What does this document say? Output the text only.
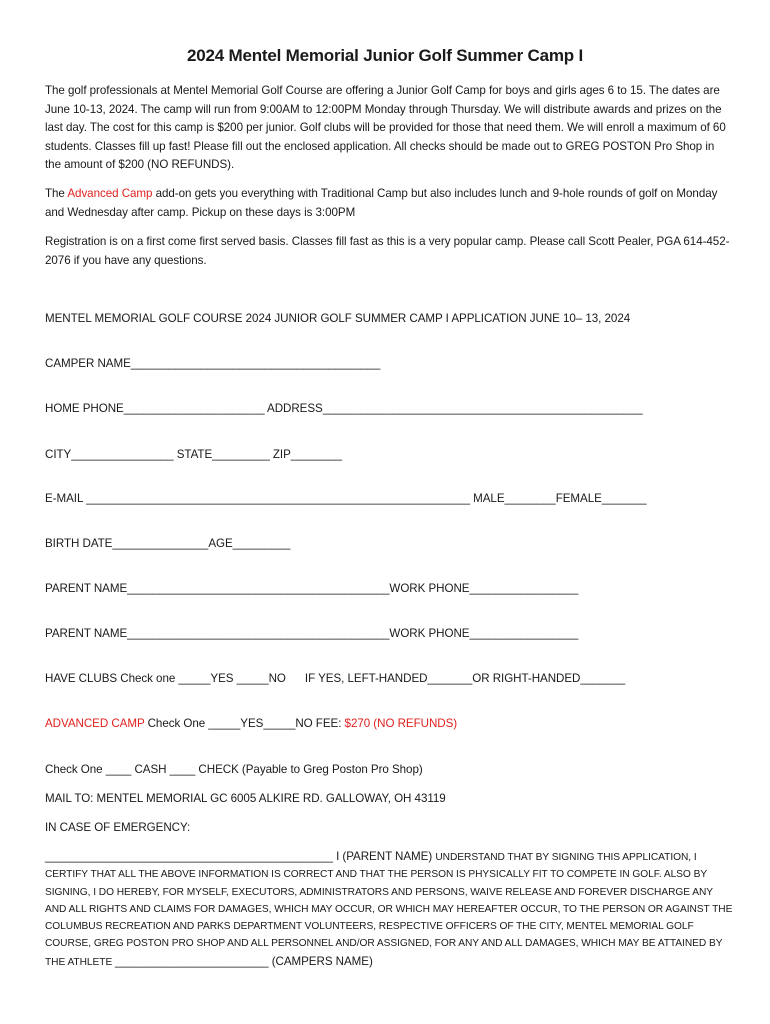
2024 Mentel Memorial Junior Golf Summer Camp I
The golf professionals at Mentel Memorial Golf Course are offering a Junior Golf Camp for boys and girls ages 6 to 15. The dates are June 10-13, 2024. The camp will run from 9:00AM to 12:00PM Monday through Thursday. We will distribute awards and prizes on the last day. The cost for this camp is $200 per junior. Golf clubs will be provided for those that need them. We will enroll a maximum of 60 students. Classes fill up fast! Please fill out the enclosed application. All checks should be made out to GREG POSTON Pro Shop in the amount of $200 (NO REFUNDS).
The Advanced Camp add-on gets you everything with Traditional Camp but also includes lunch and 9-hole rounds of golf on Monday and Wednesday after camp. Pickup on these days is 3:00PM
Registration is on a first come first served basis. Classes fill fast as this is a very popular camp. Please call Scott Pealer, PGA 614-452-2076 if you have any questions.
MENTEL MEMORIAL GOLF COURSE 2024 JUNIOR GOLF SUMMER CAMP I APPLICATION JUNE 10– 13, 2024
CAMPER NAME_______________________________________
HOME PHONE______________________ ADDRESS__________________________________________________
CITY________________ STATE_________ ZIP________
E-MAIL ____________________________________________________________ MALE________FEMALE_______
BIRTH DATE_______________AGE_________
PARENT NAME_________________________________________WORK PHONE_________________
PARENT NAME_________________________________________WORK PHONE_________________
HAVE CLUBS Check one _____YES _____NO      IF YES, LEFT-HANDED_______OR RIGHT-HANDED_______
ADVANCED CAMP Check One _____YES_____NO FEE: $270 (NO REFUNDS)
Check One ____ CASH ____ CHECK (Payable to Greg Poston Pro Shop)
MAIL TO: MENTEL MEMORIAL GC 6005 ALKIRE RD. GALLOWAY, OH 43119
IN CASE OF EMERGENCY:
_____________________________________________ I (PARENT NAME) UNDERSTAND THAT BY SIGNING THIS APPLICATION, I CERTIFY THAT ALL THE ABOVE INFORMATION IS CORRECT AND THAT THE PERSON IS PHYSICALLY FIT TO COMPETE IN GOLF. ALSO BY SIGNING, I DO HEREBY, FOR MYSELF, EXECUTORS, ADMINISTRATORS AND PERSONS, WAIVE RELEASE AND FOREVER DISCHARGE ANY AND ALL RIGHTS AND CLAIMS FOR DAMAGES, WHICH MAY OCCUR, OR WHICH MAY HEREAFTER OCCUR, TO THE PERSON OR AGAINST THE COLUMBUS RECREATION AND PARKS DEPARTMENT VOLUNTEERS, RESPECTIVE OFFICERS OF THE CITY, MENTEL MEMORIAL GOLF COURSE, GREG POSTON PRO SHOP AND ALL PERSONNEL AND/OR ASSIGNED, FOR ANY AND ALL DAMAGES, WHICH MAY BE ATTAINED BY THE ATHLETE ________________________ (CAMPERS NAME)
